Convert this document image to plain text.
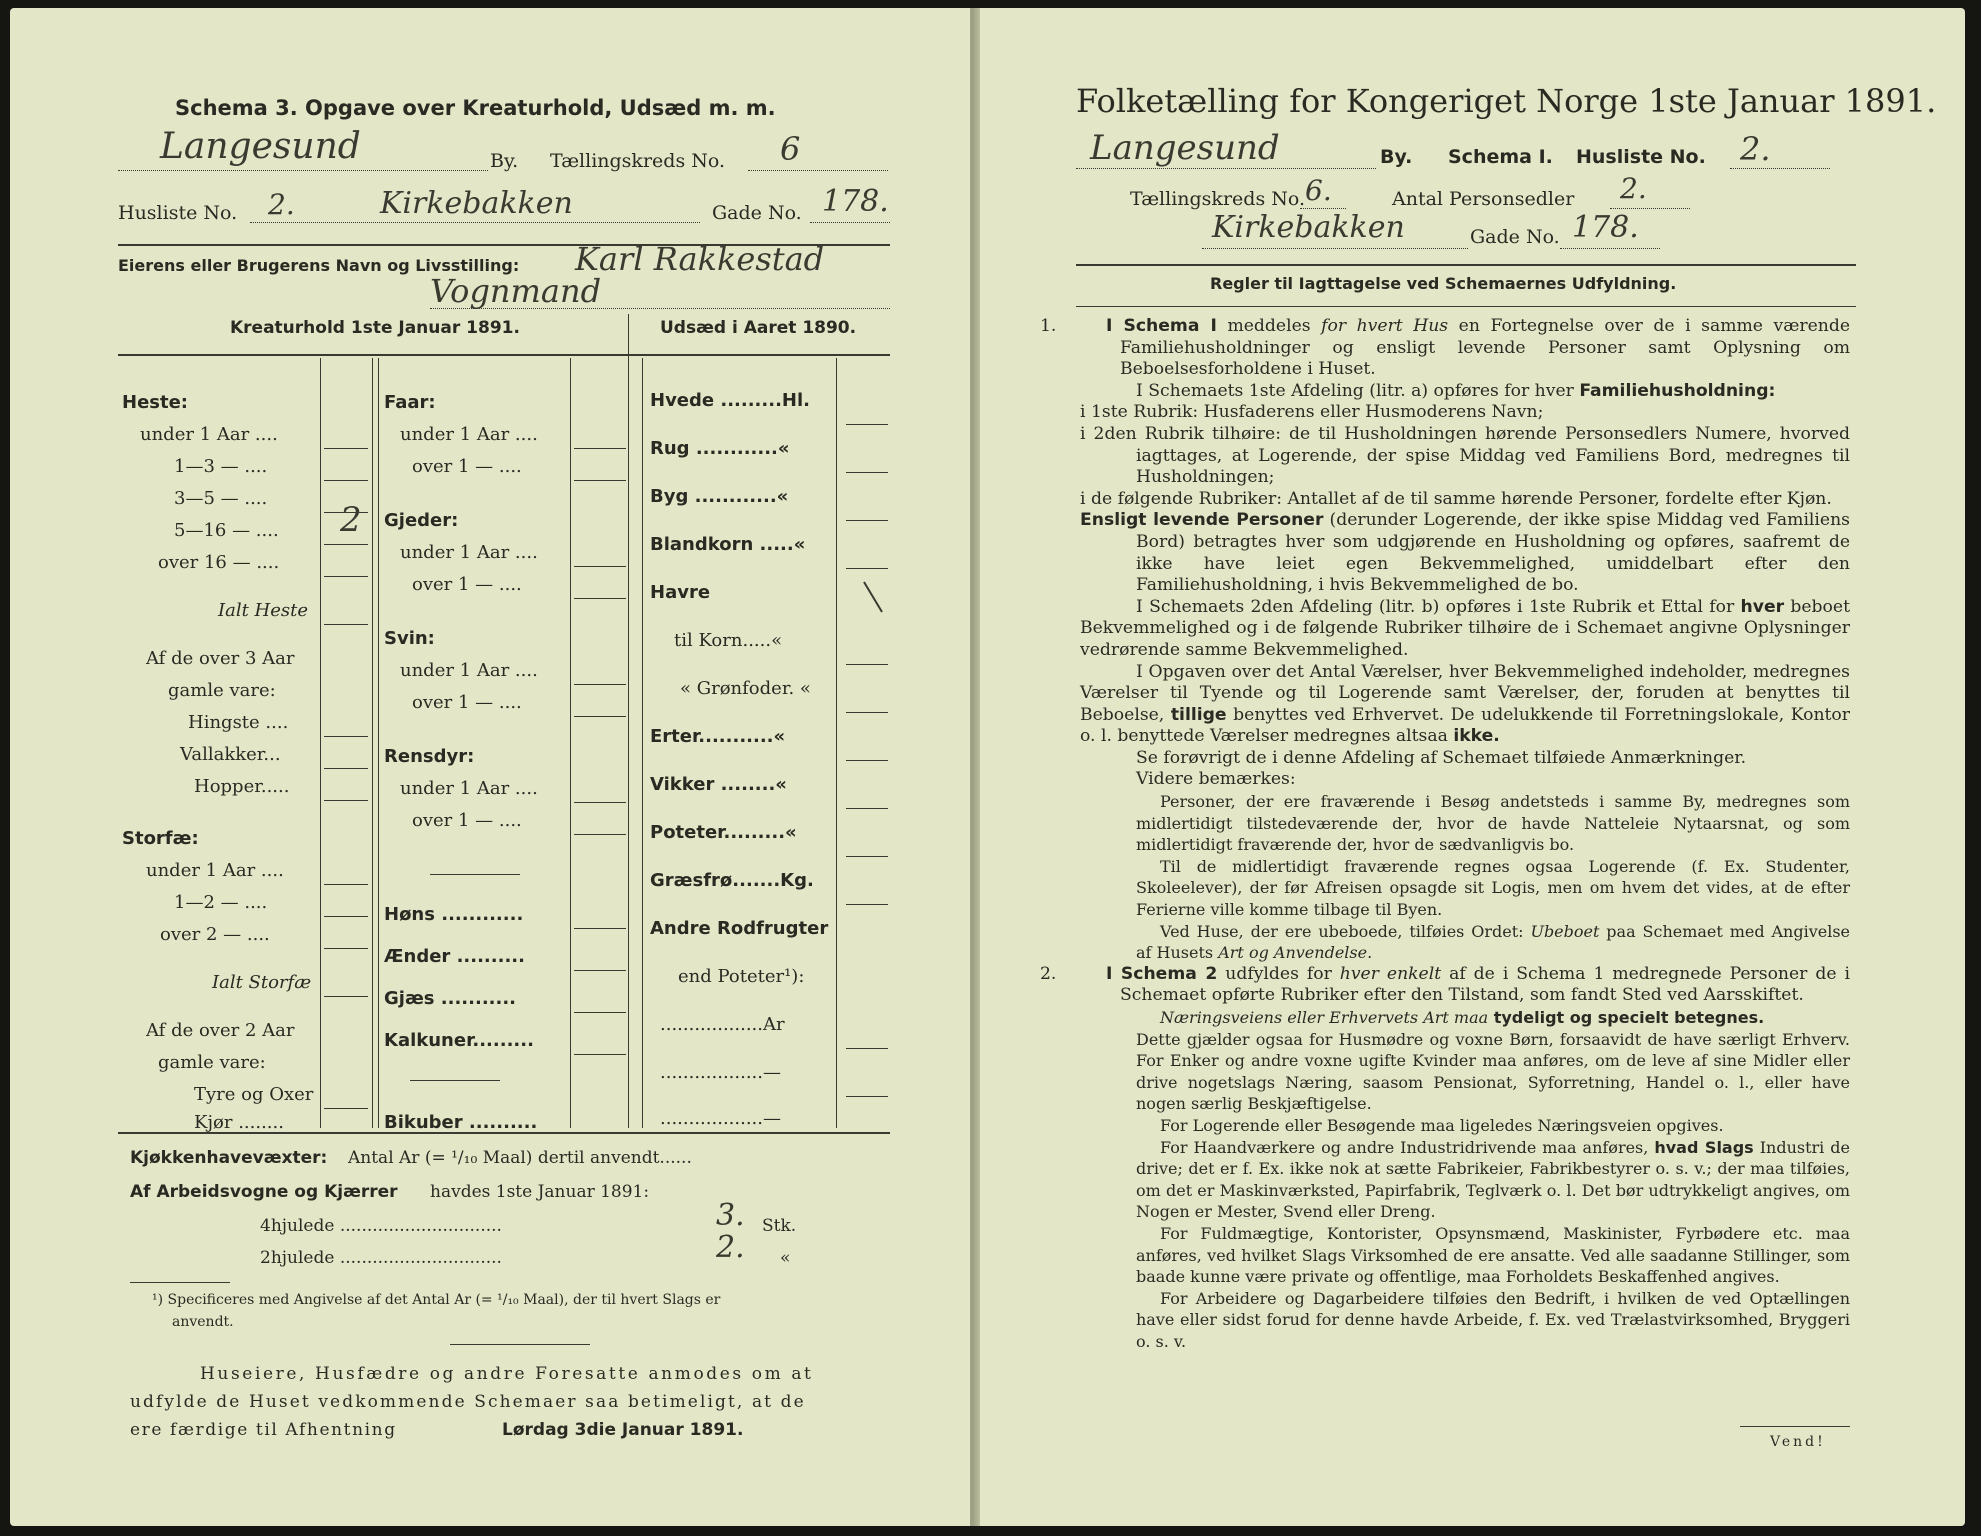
Schema 3. Opgave over Kreaturhold, Udsæd m. m.
Langesund	By. Tællingskreds No. 6
Husliste No. 2.	Kirkebakken	Gade No. 178.
Eierens eller Brugerens Navn og Livsstilling: Karl Rakkestad
Vognmand
Kreaturhold 1ste Januar 1891.	Udsæd i Aaret 1890.
Heste:
under 1 Aar ....
1—3 — ....
3—5 — ....
5—16 — .... 2
over 16 — ....
Ialt Heste
Af de over 3 Aar
gamle vare:
Hingste ....
Vallakker...
Hopper.....
Storfæ:
under 1 Aar ....
1—2 — ....
over 2 — ....
Ialt Storfæ
Af de over 2 Aar
gamle vare:
Tyre og Oxer
Kjør ........
Faar:
under 1 Aar ....
over 1 — ....
Gjeder:
under 1 Aar ....
over 1 — ....
Svin:
under 1 Aar ....
over 1 — ....
Rensdyr:
under 1 Aar ....
over 1 — ....
Høns ............
Ænder ..........
Gjæs ...........
Kalkuner.........
Bikuber ..........
Hvede .........Hl.
Rug ............«
Byg ............«
Blandkorn .....«
Havre
til Korn.....«
« Grønfoder. «
Erter...........«
Vikker ........«
Poteter.........«
Græsfrø.......Kg.
Andre Rodfrugter
end Poteter¹):
..................Ar
..................—
..................—
Kjøkkenhavevæxter: Antal Ar (= ¹/₁₀ Maal) dertil anvendt......
Af Arbeidsvogne og Kjærrer havdes 1ste Januar 1891:
4hjulede ..............................	3. Stk.
2hjulede ..............................	2. «
¹) Specificeres med Angivelse af det Antal Ar (= ¹/₁₀ Maal), der til hvert Slags er
anvendt.
Huseiere, Husfædre og andre Foresatte anmodes om at
udfylde de Huset vedkommende Schemaer saa betimeligt, at de
ere færdige til Afhentning	Lørdag 3die Januar 1891.
Folketælling for Kongeriget Norge 1ste Januar 1891.
Langesund	By. Schema I. Husliste No. 2.
Tællingskreds No. 6.	Antal Personsedler 2.
Kirkebakken	Gade No. 178.
Regler til Iagttagelse ved Schemaernes Udfyldning.

1.	I Schema I meddeles for hvert Hus en Fortegnelse over de i samme værende Familiehusholdninger og ensligt levende Personer samt Oplysning om Beboelsesforholdene i Huset.

I Schemaets 1ste Afdeling (litr. a) opføres for hver Familiehusholdning:

i 1ste Rubrik: Husfaderens eller Husmoderens Navn;

i 2den Rubrik tilhøire: de til Husholdningen hørende Personsedlers Numere, hvorved iagttages, at Logerende, der spise Middag ved Familiens Bord, medregnes til Husholdningen;

i de følgende Rubriker: Antallet af de til samme hørende Personer, fordelte efter Kjøn.

Ensligt levende Personer (derunder Logerende, der ikke spise Middag ved Familiens Bord) betragtes hver som udgjørende en Husholdning og opføres, saafremt de ikke have leiet egen Bekvemmelighed, umiddelbart efter den Familiehusholdning, i hvis Bekvemmelighed de bo.

I Schemaets 2den Afdeling (litr. b) opføres i 1ste Rubrik et Ettal for hver beboet Bekvemmelighed og i de følgende Rubriker tilhøire de i Schemaet angivne Oplysninger vedrørende samme Bekvemmelighed.

I Opgaven over det Antal Værelser, hver Bekvemmelighed indeholder, medregnes Værelser til Tyende og til Logerende samt Værelser, der, foruden at benyttes til Beboelse, tillige benyttes ved Erhvervet. De udelukkende til Forretningslokale, Kontor o. l. benyttede Værelser medregnes altsaa ikke.

Se forøvrigt de i denne Afdeling af Schemaet tilføiede Anmærkninger.

Videre bemærkes:

Personer, der ere fraværende i Besøg andetsteds i samme By, medregnes som midlertidigt tilstedeværende der, hvor de havde Natteleie Nytaarsnat, og som midlertidigt fraværende der, hvor de sædvanligvis bo.
Til de midlertidigt fraværende regnes ogsaa Logerende (f. Ex. Studenter, Skoleelever), der før Afreisen opsagde sit Logis, men om hvem det vides, at de efter Ferierne ville komme tilbage til Byen.
Ved Huse, der ere ubeboede, tilføies Ordet: Ubeboet paa Schemaet med Angivelse af Husets Art og Anvendelse.

2.	I Schema 2 udfyldes for hver enkelt af de i Schema 1 medregnede Personer de i Schemaet opførte Rubriker efter den Tilstand, som fandt Sted ved Aarsskiftet.

Næringsveiens eller Erhvervets Art maa tydeligt og specielt betegnes.
Dette gjælder ogsaa for Husmødre og voxne Børn, forsaavidt de have særligt Erhverv. For Enker og andre voxne ugifte Kvinder maa anføres, om de leve af sine Midler eller drive nogetslags Næring, saasom Pensionat, Syforretning, Handel o. l., eller have nogen særlig Beskjæftigelse.
For Logerende eller Besøgende maa ligeledes Næringsveien opgives.
For Haandværkere og andre Industridrivende maa anføres, hvad Slags Industri de drive; det er f. Ex. ikke nok at sætte Fabrikeier, Fabrikbestyrer o. s. v.; der maa tilføies, om det er Maskinværksted, Papirfabrik, Teglværk o. l. Det bør udtrykkeligt angives, om Nogen er Mester, Svend eller Dreng.
For Fuldmægtige, Kontorister, Opsynsmænd, Maskinister, Fyrbødere etc. maa anføres, ved hvilket Slags Virksomhed de ere ansatte. Ved alle saadanne Stillinger, som baade kunne være private og offentlige, maa Forholdets Beskaffenhed angives.
For Arbeidere og Dagarbeidere tilføies den Bedrift, i hvilken de ved Optællingen have eller sidst forud for denne havde Arbeide, f. Ex. ved Trælastvirksomhed, Bryggeri o. s. v.

Vend!
